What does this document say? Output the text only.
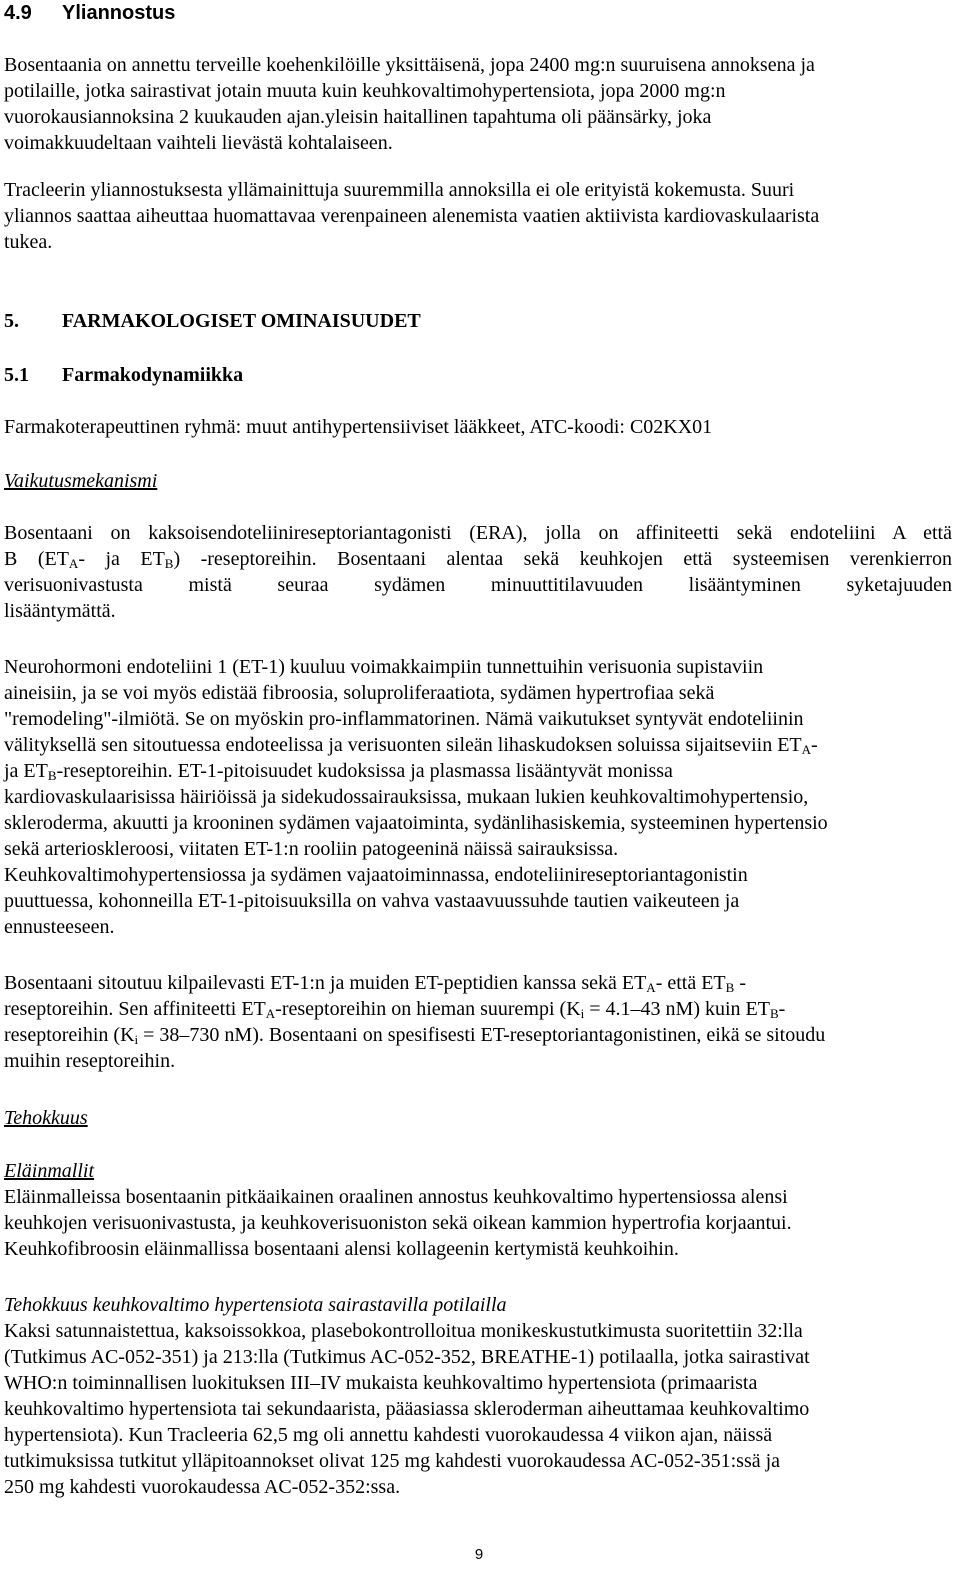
4.9 Yliannostus
Bosentaania on annettu terveille koehenkilöille yksittäisenä, jopa 2400 mg:n suuruisena annoksena ja
potilaille, jotka sairastivat jotain muuta kuin keuhkovaltimohypertensiota, jopa 2000 mg:n
vuorokausiannoksina 2 kuukauden ajan.yleisin haitallinen tapahtuma oli päänsärky, joka
voimakkuudeltaan vaihteli lievästä kohtalaiseen.
Tracleerin yliannostuksesta yllämainittuja suuremmilla annoksilla ei ole erityistä kokemusta. Suuri
yliannos saattaa aiheuttaa huomattavaa verenpaineen alenemista vaatien aktiivista kardiovaskulaarista
tukea.
5. FARMAKOLOGISET OMINAISUUDET
5.1 Farmakodynamiikka
Farmakoterapeuttinen ryhmä: muut antihypertensiiviset lääkkeet, ATC-koodi: C02KX01
Vaikutusmekanismi
Bosentaani on kaksoisendoteliinireseptoriantagonisti (ERA), jolla on affiniteetti sekä endoteliini A että
B ($ET_A-$ ja $ET_B$) -reseptoreihin. Bosentaani alentaa sekä keuhkojen että systeemisen verenkierron
verisuonivastusta mistä seuraa sydämen minuuttitilavuuden lisääntyminen syketajuuden
lisääntymättä.
Neurohormoni endoteliini 1 (ET-1) kuuluu voimakkaimpiin tunnettuihin verisuonia supistaviin
aineisiin, ja se voi myös edistää fibroosia, soluproliferaatiota, sydämen hypertrofiaa sekä
"remodeling"-ilmiötä. Se on myöskin pro-inflammatorinen. Nämä vaikutukset syntyvät endoteliinin
välityksellä sen sitoutuessa endoteelissa ja verisuonten sileän lihaskudoksen soluissa sijaitseviin $ET_A-$
ja $ET_B$-reseptoreihin. ET-1-pitoisuudet kudoksissa ja plasmassa lisääntyvät monissa
kardiovaskulaarisissa häiriöissä ja sidekudossairauksissa, mukaan lukien keuhkovaltimohypertensio,
skleroderma, akuutti ja krooninen sydämen vajaatoiminta, sydänlihasiskemia, systeeminen hypertensio
sekä arterioskleroosi, viitaten ET-1:n rooliin patogeeninä näissä sairauksissa.
Keuhkovaltimohypertensiossa ja sydämen vajaatoiminnassa, endoteliinireseptoriantagonistin
puuttuessa, kohonneilla ET-1-pitoisuuksilla on vahva vastaavuussuhde tautien vaikeuteen ja
ennusteeseen.
Bosentaani sitoutuu kilpailevasti ET-1:n ja muiden ET-peptidien kanssa sekä $ET_A-$ että $ET_B$ -
reseptoreihin. Sen affiniteetti $ET_A$-reseptoreihin on hieman suurempi ($K_i = 4.1-43$ nM) kuin $ET_B-$
reseptoreihin ($K_i = 38-730$ nM). Bosentaani on spesifisesti ET-reseptoriantagonistinen, eikä se sitoudu
muihin reseptoreihin.
Tehokkuus
Eläinmallit
Eläinmalleissa bosentaanin pitkäaikainen oraalinen annostus keuhkovaltimo hypertensiossa alensi
keuhkojen verisuonivastusta, ja keuhkoverisuoniston sekä oikean kammion hypertrofia korjaantui.
Keuhkofibroosin eläinmallissa bosentaani alensi kollageenin kertymistä keuhkoihin.
Tehokkuus keuhkovaltimo hypertensiota sairastavilla potilailla
Kaksi satunnaistettua, kaksoissokkoa, plasebokontrolloitua monikeskustutkimusta suoritettiin 32:lla
(Tutkimus AC-052-351) ja 213:lla (Tutkimus AC-052-352, BREATHE-1) potilaalla, jotka sairastivat
WHO:n toiminnallisen luokituksen III–IV mukaista keuhkovaltimo hypertensiota (primaarista
keuhkovaltimo hypertensiota tai sekundaarista, pääasiassa skleroderman aiheuttamaa keuhkovaltimo
hypertensiota). Kun Tracleeria 62,5 mg oli annettu kahdesti vuorokaudessa 4 viikon ajan, näissä
tutkimuksissa tutkitut ylläpitoannokset olivat 125 mg kahdesti vuorokaudessa AC-052-351:ssä ja
250 mg kahdesti vuorokaudessa AC-052-352:ssa.
9
